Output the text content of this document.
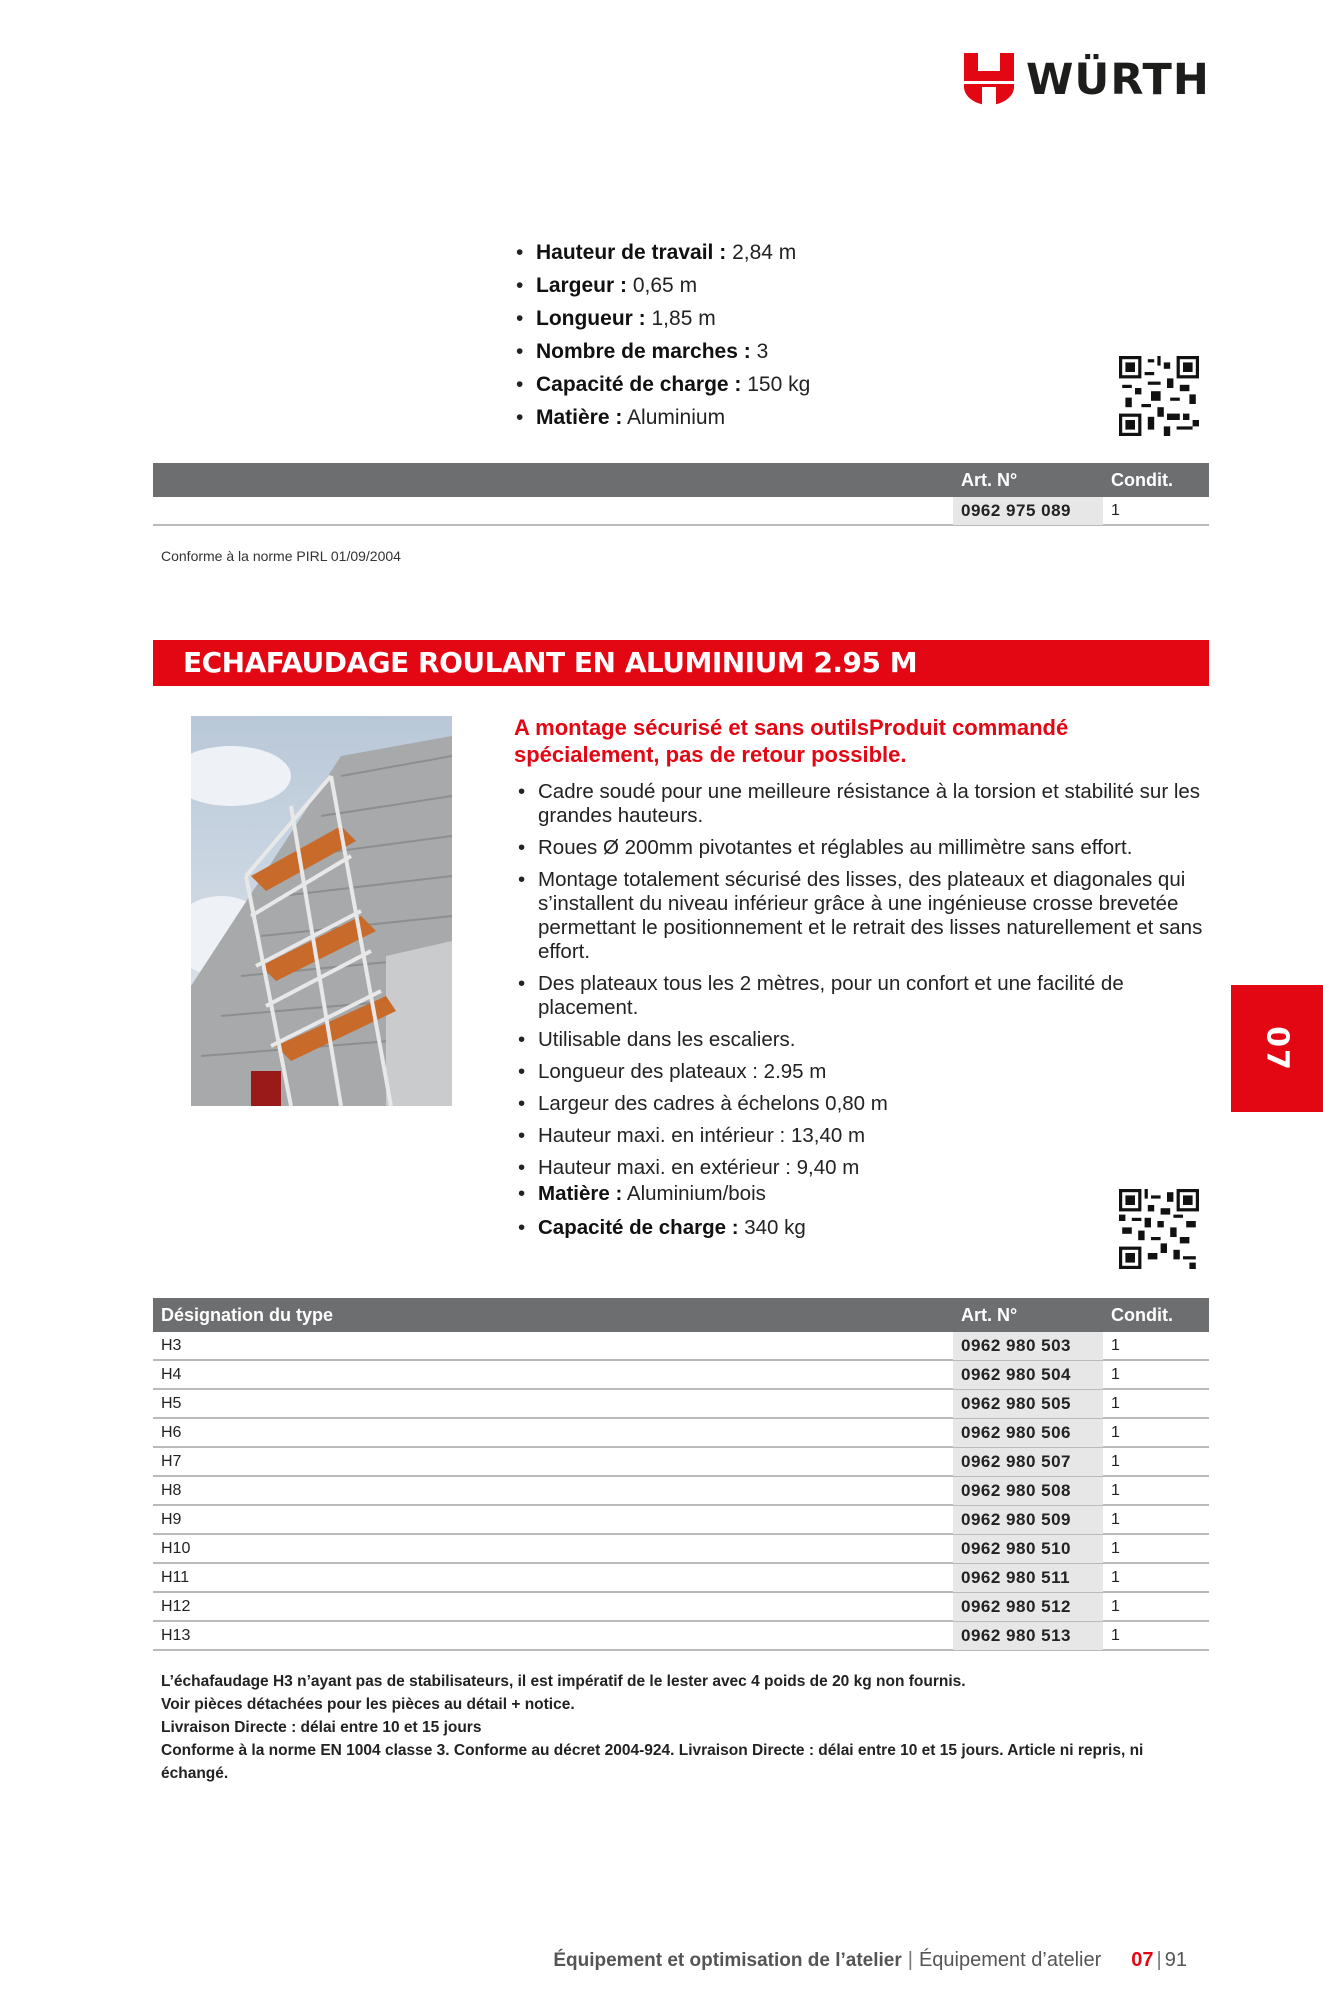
WÜRTH
• Hauteur de travail : 2,84 m
• Largeur : 0,65 m
• Longueur : 1,85 m
• Nombre de marches : 3
• Capacité de charge : 150 kg
• Matière : Aluminium
Art. N°	Condit.
0962 975 089	1
Conforme à la norme PIRL 01/09/2004
ECHAFAUDAGE ROULANT EN ALUMINIUM 2.95 M
A montage sécurisé et sans outilsProduit commandé spécialement, pas de retour possible.
• Cadre soudé pour une meilleure résistance à la torsion et stabilité sur les grandes hauteurs.
• Roues Ø 200mm pivotantes et réglables au millimètre sans effort.
• Montage totalement sécurisé des lisses, des plateaux et diagonales qui s’installent du niveau inférieur grâce à une ingénieuse crosse brevetée permettant le positionnement et le retrait des lisses naturellement et sans effort.
• Des plateaux tous les 2 mètres, pour un confort et une facilité de placement.
• Utilisable dans les escaliers.
• Longueur des plateaux : 2.95 m
• Largeur des cadres à échelons 0,80 m
• Hauteur maxi. en intérieur : 13,40 m
• Hauteur maxi. en extérieur : 9,40 m
• Matière : Aluminium/bois
• Capacité de charge : 340 kg
Désignation du type	Art. N°	Condit.
H3	0962 980 503	1
H4	0962 980 504	1
H5	0962 980 505	1
H6	0962 980 506	1
H7	0962 980 507	1
H8	0962 980 508	1
H9	0962 980 509	1
H10	0962 980 510	1
H11	0962 980 511	1
H12	0962 980 512	1
H13	0962 980 513	1
L’échafaudage H3 n’ayant pas de stabilisateurs, il est impératif de le lester avec 4 poids de 20 kg non fournis.
Voir pièces détachées pour les pièces au détail + notice.
Livraison Directe : délai entre 10 et 15 jours
Conforme à la norme EN 1004 classe 3. Conforme au décret 2004-924. Livraison Directe : délai entre 10 et 15 jours. Article ni repris, ni échangé.
07
Équipement et optimisation de l’atelier | Équipement d’atelier 07 | 91
